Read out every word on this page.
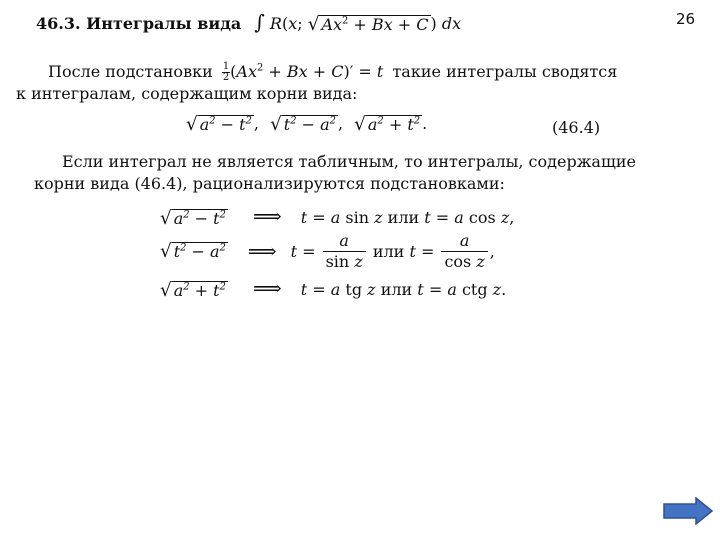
26
46.3. Интегралы вида ∫ R(x; √ $Ax^2 + Bx + C$ ) dx
После подстановки $\frac{1}{2} (Ax^2 + Bx + C)' = t$ такие интегралы сводятся
к интегралам, содержащим корни вида:
√ $a^2 - t^2$ , √ $t^2 - a^2$ , √ $a^2 + t^2$ .	(46.4)
Если интеграл не является табличным, то интегралы, содержащие
корни вида (46.4), рационализируются подстановками:
√ $a^2 - t^2$ ⟹ t = a sin z или t = a cos z,
√ $t^2 - a^2$ ⟹ $t = \frac{a}{\text{sin z}}$
или
$t = \frac{a}{\text{cos z}}$ ,
√ $a^2 + t^2$ ⟹ t = a tg z или t = a ctg z.
